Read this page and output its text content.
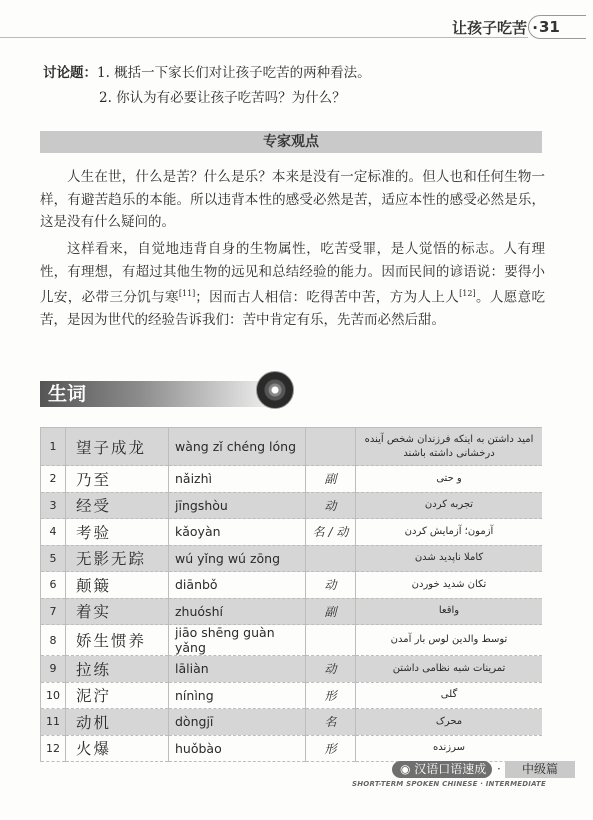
让孩子吃苦 · 31
讨论题：1. 概括一下家长们对让孩子吃苦的两种看法。
2. 你认为有必要让孩子吃苦吗？为什么？
专家观点

人生在世，什么是苦？什么是乐？本来是没有一定标准的。但人也和任何生物一样，有避苦趋乐的本能。所以违背本性的感受必然是苦，适应本性的感受必然是乐，这是没有什么疑问的。

这样看来，自觉地违背自身的生物属性，吃苦受罪，是人觉悟的标志。人有理性，有理想，有超过其他生物的远见和总结经验的能力。因而民间的谚语说：要得小儿安，必带三分饥与寒[11]；因而古人相信：吃得苦中苦，方为人上人[12]。人愿意吃苦，是因为世代的经验告诉我们：苦中肯定有乐，先苦而必然后甜。

生词
1	望子成龙	wàng zǐ chéng lóng		امید داشتن به اینکه فرزندان شخص آینده درخشانی داشته باشند
2	乃至	nǎizhì	副	و حتی
3	经受	jīngshòu	动	تجربه کردن
4	考验	kǎoyàn	名 / 动	آزمون؛ آزمایش کردن
5	无影无踪	wú yǐng wú zōng		کاملا ناپدید شدن
6	颠簸	diānbǒ	动	تکان شدید خوردن
7	着实	zhuóshí	副	واقعا
8	娇生惯养	jiāo shēng guàn yǎng		توسط والدین لوس بار آمدن
9	拉练	lāliàn	动	تمرینات شبه نظامی داشتن
10	泥泞	nínìng	形	گلی
11	动机	dòngjī	名	محرک
12	火爆	huǒbào	形	سرزنده
◉ 汉语口语速成 ·	中级篇
SHORT-TERM SPOKEN CHINESE · INTERMEDIATE
